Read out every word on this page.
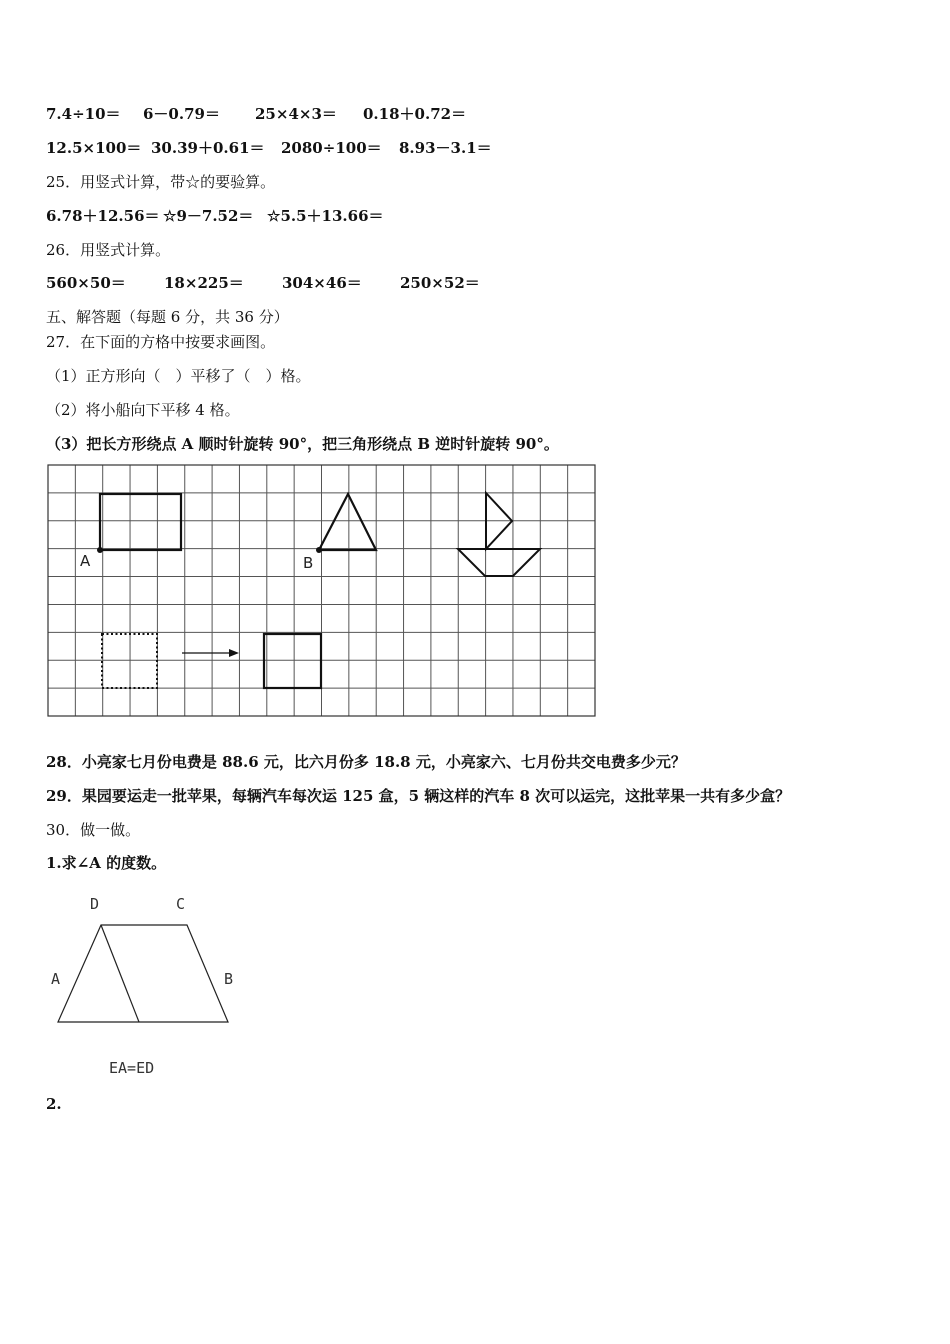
7.4÷10＝ 6－0.79＝ 25×4×3＝ 0.18＋0.72＝
12.5×100＝ 30.39＋0.61＝ 2080÷100＝ 8.93－3.1＝
25．用竖式计算，带☆的要验算。
6.78＋12.56＝ ☆9－7.52＝ ☆5.5＋13.66＝
26．用竖式计算。
560×50＝	18×225＝	304×46＝	250×52＝
五、解答题（每题 6 分，共 36 分）
27．在下面的方格中按要求画图。
（1）正方形向（　）平移了（　）格。
（2）将小船向下平移 4 格。
（3）把长方形绕点 A 顺时针旋转 90°，把三角形绕点 B 逆时针旋转 90°。
A	B
28．小亮家七月份电费是 88.6 元，比六月份多 18.8 元，小亮家六、七月份共交电费多少元？
29．果园要运走一批苹果，每辆汽车每次运 125 盒，5 辆这样的汽车 8 次可以运完，这批苹果一共有多少盒？
30．做一做。
1.求∠A 的度数。
D	C
A	B
EA=ED
2.
